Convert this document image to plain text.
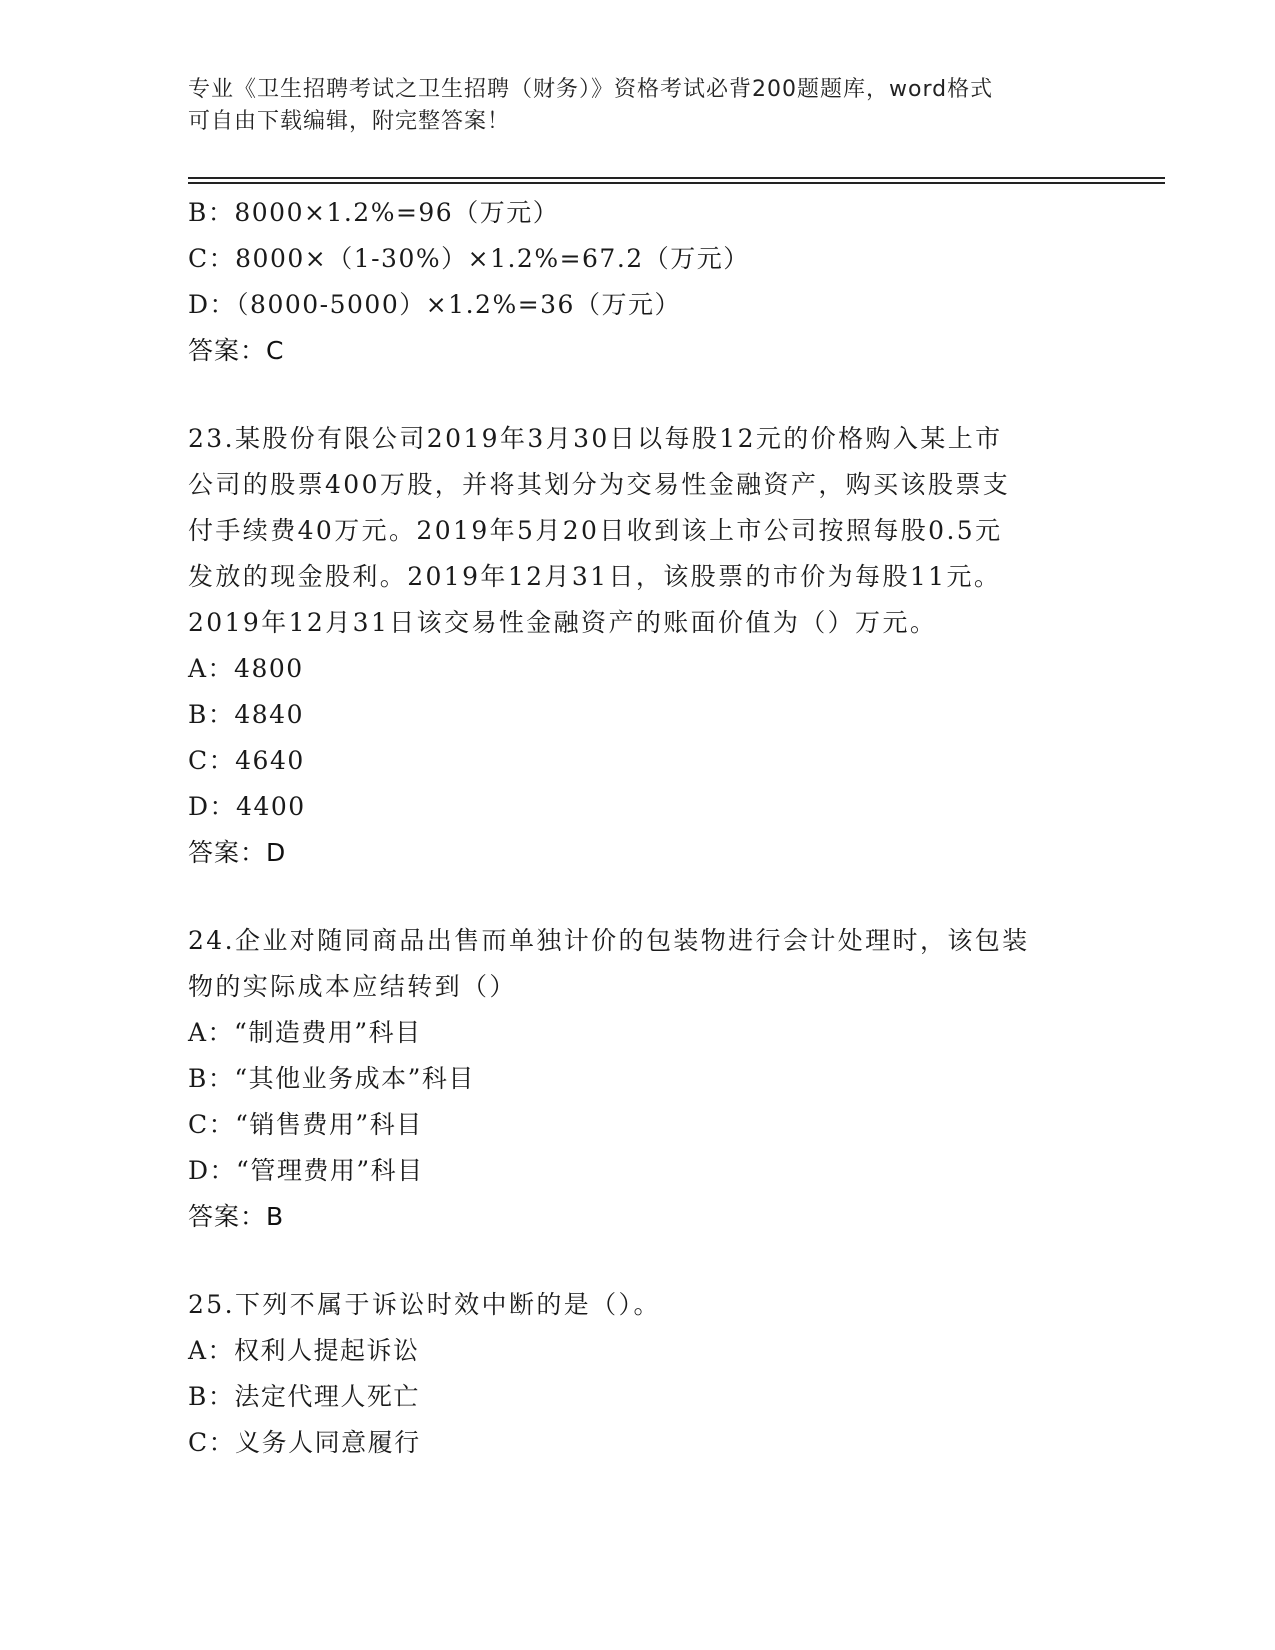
专业《卫生招聘考试之卫生招聘（财务）》资格考试必背200题题库，word格式
可自由下载编辑，附完整答案！
B：8000×1.2%=96（万元）
C：8000×（1-30%）×1.2%=67.2（万元）
D：（8000-5000）×1.2%=36（万元）
答案：C
23.某股份有限公司2019年3月30日以每股12元的价格购入某上市
公司的股票400万股，并将其划分为交易性金融资产，购买该股票支
付手续费40万元。2019年5月20日收到该上市公司按照每股0.5元
发放的现金股利。2019年12月31日，该股票的市价为每股11元。
2019年12月31日该交易性金融资产的账面价值为（）万元。
A：4800
B：4840
C：4640
D：4400
答案：D
24.企业对随同商品出售而单独计价的包装物进行会计处理时，该包装
物的实际成本应结转到（）
A：“制造费用”科目
B：“其他业务成本”科目
C：“销售费用”科目
D：“管理费用”科目
答案：B
25.下列不属于诉讼时效中断的是（）。
A：权利人提起诉讼
B：法定代理人死亡
C：义务人同意履行
